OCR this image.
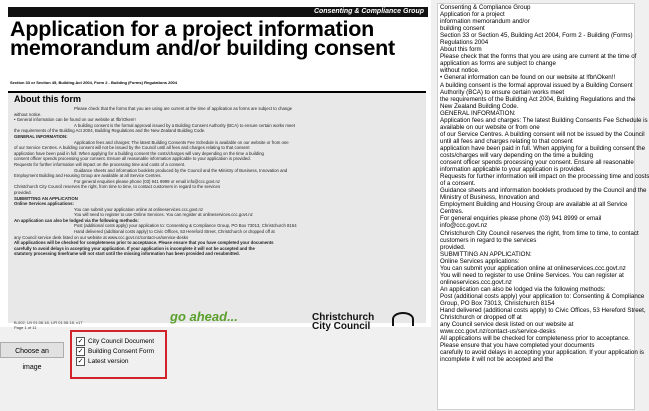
Consenting & Compliance Group
Application for a project information memorandum and/or building consent
Section 33 or Section 45, Building Act 2004, Form 2 - Building (Forms) Regulations 2004
About this form
Please check that the forms that you are using are current at the time of application as forms are subject to change
without notice.
• General information can be found on our website at !fbr\Oken!!
A building consent is the formal approval issued by a Building Consent Authority (BCA) to ensure certain works meet
the requirements of the Building Act 2004, Building Regulations and the New Zealand Building Code.
GENERAL INFORMATION:
Application fees and charges: The latest Building Consents Fee Schedule is available on our website or from one
of our Service Centres. A building consent will not be issued by the Council until all fees and charges relating to that consent
application have been paid in full. When applying for a building consent the costs/charges will vary depending on the time a building
consent officer spends processing your consent. Ensure all reasonable information applicable to your application is provided.
Requests for further information will impact on the processing time and costs of a consent.
Guidance sheets and information booklets produced by the Council and the Ministry of Business, Innovation and
Employment Building and Housing Group are available at all Service Centres.
For general enquiries please phone (03) 941 8999 or email info@ccc.govt.nz
Christchurch City Council reserves the right, from time to time, to contact customers in regard to the services
provided.
SUBMITTING AN APPLICATION
Online Services applications:
You can submit your application online at onlineservices.ccc.govt.nz
You will need to register to use Online Services. You can register at onlineservices.ccc.govt.nz
An application can also be lodged via the following methods:
Post (additional costs apply) your application to: Consenting & Compliance Group, PO Box 73013, Christchurch 8154
Hand delivered (additional costs apply) to Civic Offices, 53 Hereford Street, Christchurch or dropped off at
any Council service desk listed on our website at www.ccc.govt.nz/contact-us/service-desks
All applications will be checked for completeness prior to acceptance. Please ensure that you have completed your documents
carefully to avoid delays in accepting your application. If your application is incomplete it will not be accepted and the
statutory processing timeframe will not start until the missing information has been provided and resubmitted.
B-002, U/I 01.06.18, L/R 01.06.18, v17
Page 1 of 11
go ahead...	Christchurch
City Council
Consenting & Compliance Group
Application for a project
information memorandum and/or
building consent
Section 33 or Section 45, Building Act 2004, Form 2 - Building (Forms)
Regulations 2004
About this form
Please check that the forms that you are using are current at the time of
application as forms are subject to change
without notice.
• General information can be found on our website at !fbr\Oken!!
A building consent is the formal approval issued by a Building Consent
Authority (BCA) to ensure certain works meet
the requirements of the Building Act 2004, Building Regulations and the
New Zealand Building Code.
GENERAL INFORMATION:
Application fees and charges: The latest Building Consents Fee Schedule is
available on our website or from one
of our Service Centres. A building consent will not be issued by the Council
until all fees and charges relating to that consent
application have been paid in full. When applying for a building consent the
costs/charges will vary depending on the time a building
consent officer spends processing your consent. Ensure all reasonable
information applicable to your application is provided.
Requests for further information will impact on the processing time and costs
of a consent.
Guidance sheets and information booklets produced by the Council and the
Ministry of Business, Innovation and
Employment Building and Housing Group are available at all Service
Centres.
For general enquiries please phone (03) 941 8999 or email
info@ccc.govt.nz
Christchurch City Council reserves the right, from time to time, to contact
customers in regard to the services
provided.
SUBMITTING AN APPLICATION:
Online Services applications:
You can submit your application online at onlineservices.ccc.govt.nz
You will need to register to use Online Services. You can register at
onlineservices.ccc.govt.nz
An application can also be lodged via the following methods:
Post (additional costs apply) your application to: Consenting & Compliance
Group, PO Box 73013, Christchurch 8154
Hand delivered (additional costs apply) to Civic Offices, 53 Hereford Street,
Christchurch or dropped off at
any Council service desk listed on our website at
www.ccc.govt.nz/contact-us/service-desks
All applications will be checked for completeness prior to acceptance.
Please ensure that you have completed your documents
carefully to avoid delays in accepting your application. If your application is
incomplete it will not be accepted and the
Choose an image
✓ City Council Document
✓ Building Consent Form
✓ Latest version
